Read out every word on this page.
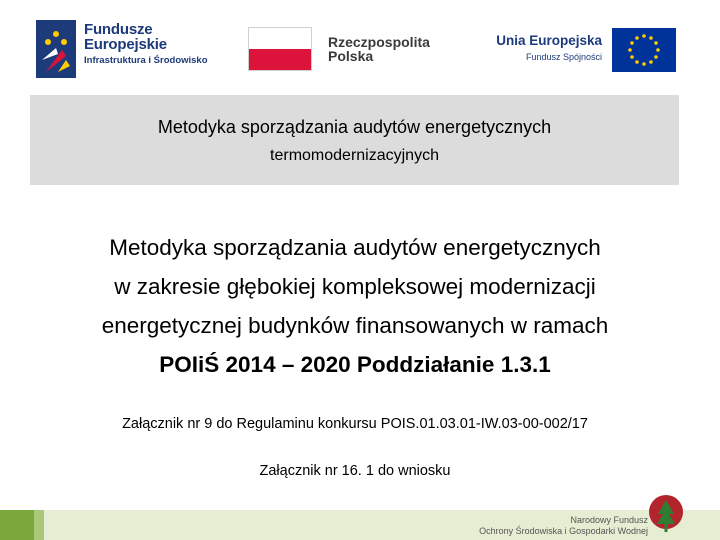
Fundusze
Europejskie
Infrastruktura i Środowisko
Rzeczpospolita
Polska
Unia Europejska
Fundusz Spójności
Metodyka sporządzania audytów energetycznych
termomodernizacyjnych
Metodyka sporządzania audytów energetycznych
w zakresie głębokiej kompleksowej modernizacji
energetycznej budynków finansowanych w ramach
POIiŚ 2014 – 2020 Poddziałanie 1.3.1
Załącznik nr 9 do Regulaminu konkursu POIS.01.03.01-IW.03-00-002/17
Załącznik nr 16. 1 do wniosku
Narodowy Fundusz
Ochrony Środowiska i Gospodarki Wodnej
